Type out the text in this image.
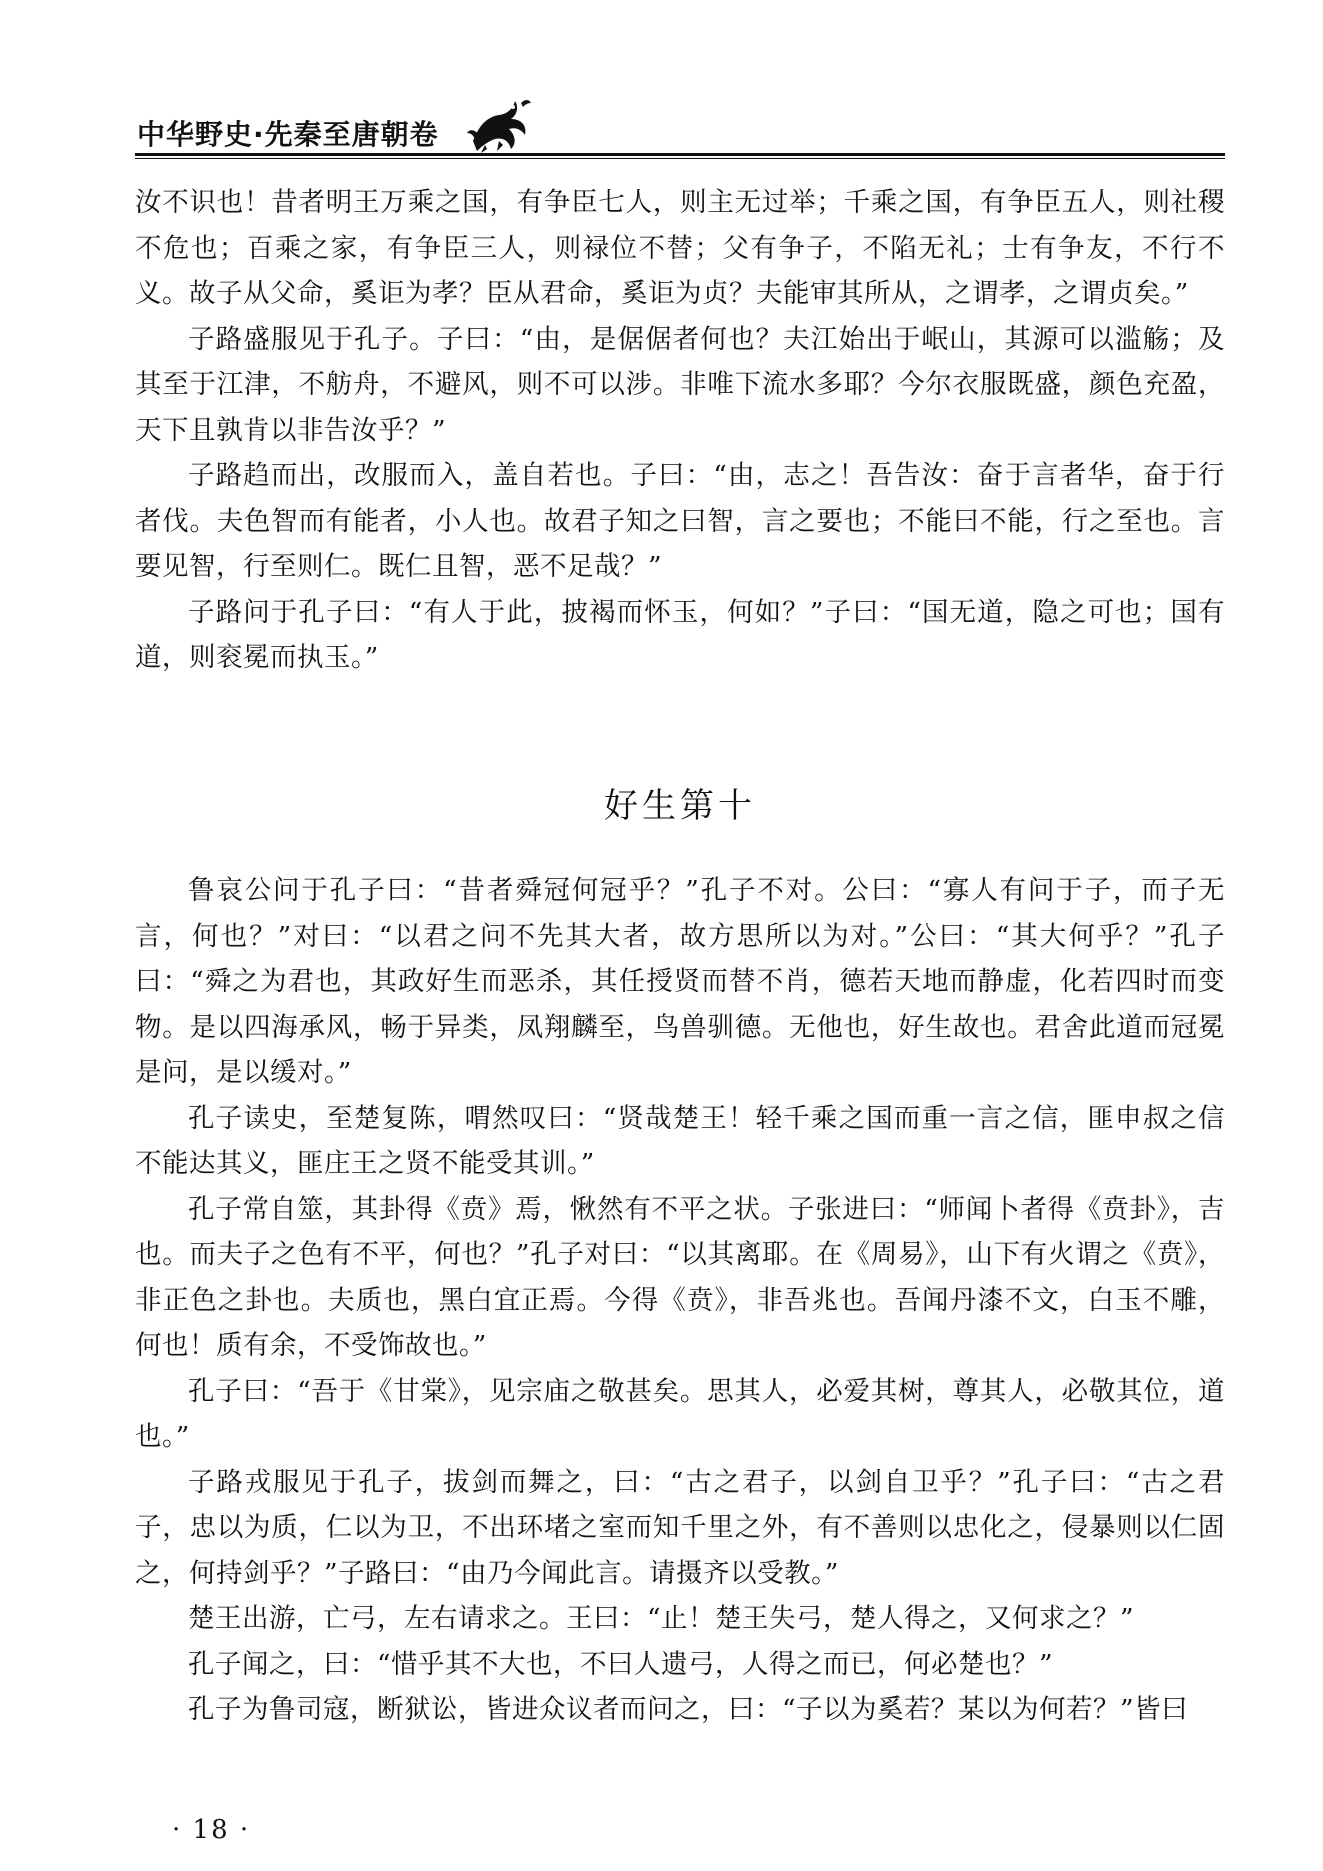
中华野史·先秦至唐朝卷

汝不识也！昔者明王万乘之国，有争臣七人，则主无过举；千乘之国，有争臣五人，则社稷不危也；百乘之家，有争臣三人，则禄位不替；父有争子，不陷无礼；士有争友，不行不义。故子从父命，奚讵为孝？臣从君命，奚讵为贞？夫能审其所从，之谓孝，之谓贞矣。”

子路盛服见于孔子。子曰：“由，是倨倨者何也？夫江始出于岷山，其源可以滥觞；及其至于江津，不舫舟，不避风，则不可以涉。非唯下流水多耶？今尔衣服既盛，颜色充盈，天下且孰肯以非告汝乎？”

子路趋而出，改服而入，盖自若也。子曰：“由，志之！吾告汝：奋于言者华，奋于行者伐。夫色智而有能者，小人也。故君子知之曰智，言之要也；不能曰不能，行之至也。言要见智，行至则仁。既仁且智，恶不足哉？”

子路问于孔子曰：“有人于此，披褐而怀玉，何如？”子曰：“国无道，隐之可也；国有道，则衮冕而执玉。”

好生第十

鲁哀公问于孔子曰：“昔者舜冠何冠乎？”孔子不对。公曰：“寡人有问于子，而子无言，何也？”对曰：“以君之问不先其大者，故方思所以为对。”公曰：“其大何乎？”孔子曰：“舜之为君也，其政好生而恶杀，其任授贤而替不肖，德若天地而静虚，化若四时而变物。是以四海承风，畅于异类，凤翔麟至，鸟兽驯德。无他也，好生故也。君舍此道而冠冕是问，是以缓对。”

孔子读史，至楚复陈，喟然叹曰：“贤哉楚王！轻千乘之国而重一言之信，匪申叔之信不能达其义，匪庄王之贤不能受其训。”

孔子常自筮，其卦得《贲》焉，愀然有不平之状。子张进曰：“师闻卜者得《贲卦》，吉也。而夫子之色有不平，何也？”孔子对曰：“以其离耶。在《周易》，山下有火谓之《贲》，非正色之卦也。夫质也，黑白宜正焉。今得《贲》，非吾兆也。吾闻丹漆不文，白玉不雕，何也！质有余，不受饰故也。”

孔子曰：“吾于《甘棠》，见宗庙之敬甚矣。思其人，必爱其树，尊其人，必敬其位，道也。”

子路戎服见于孔子，拔剑而舞之，曰：“古之君子，以剑自卫乎？”孔子曰：“古之君子，忠以为质，仁以为卫，不出环堵之室而知千里之外，有不善则以忠化之，侵暴则以仁固之，何持剑乎？”子路曰：“由乃今闻此言。请摄齐以受教。”

楚王出游，亡弓，左右请求之。王曰：“止！楚王失弓，楚人得之，又何求之？”

孔子闻之，曰：“惜乎其不大也，不曰人遗弓，人得之而已，何必楚也？”

孔子为鲁司寇，断狱讼，皆进众议者而问之，曰：“子以为奚若？某以为何若？”皆曰

· 18 ·
